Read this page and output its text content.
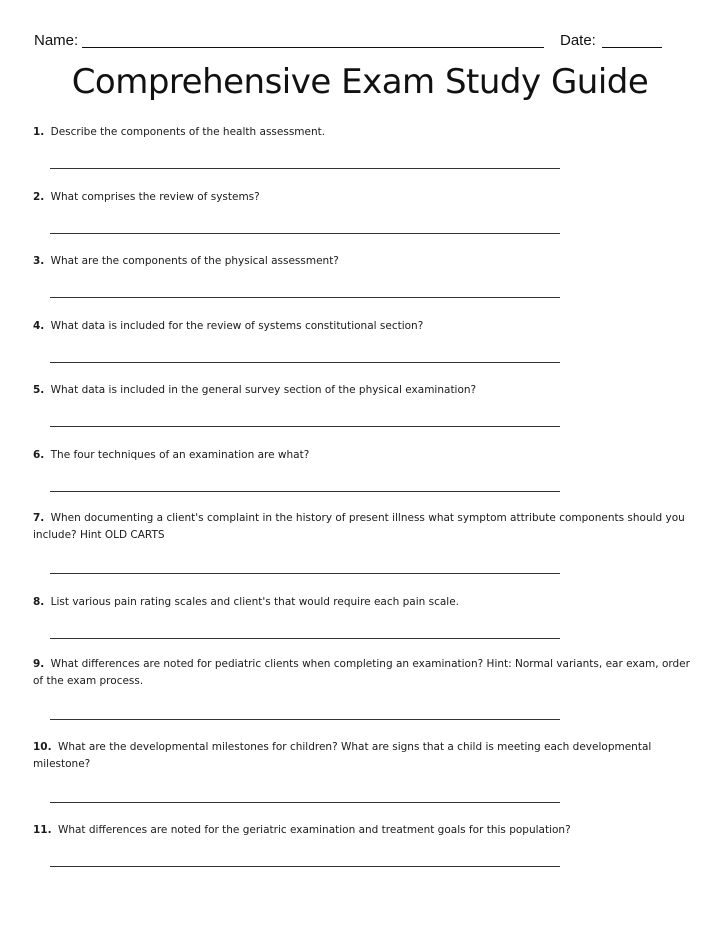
Name:	Date:
Comprehensive Exam Study Guide
1. Describe the components of the health assessment.
2. What comprises the review of systems?
3. What are the components of the physical assessment?
4. What data is included for the review of systems constitutional section?
5. What data is included in the general survey section of the physical examination?
6. The four techniques of an examination are what?
7. When documenting a client's complaint in the history of present illness what symptom attribute components should you include? Hint OLD CARTS
8. List various pain rating scales and client's that would require each pain scale.
9. What differences are noted for pediatric clients when completing an examination? Hint: Normal variants, ear exam, order of the exam process.
10. What are the developmental milestones for children? What are signs that a child is meeting each developmental milestone?
11. What differences are noted for the geriatric examination and treatment goals for this population?
